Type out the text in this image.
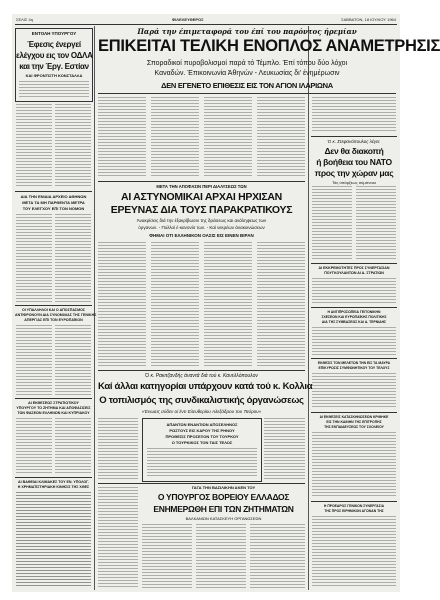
ΣΕΛΙΣ 4η	ΦΙΛΕΛΕΥΘΕΡΟΣ	ΣΑΒΒΑΤΟΝ, 18 ΙΟΥΛΙΟΥ 1964
ΕΝΤΟΛΗ ΥΠΟΥΡΓΟΥ
Έφεσις ένεργεί
ελέγχου εις τον ΟΔΛΑ
και την Έργ. Εστίαν
ΚΑΙ ΦΡΟΝΤΙΣΤΗ ΚΟΝΣΤΑΛΛΑ
ΔΙΑ ΤΗΝ ΕΝΙΑΙΑ ΑΡΧΕΙΟ ΑΘΗΝΩΝ
ΜΕΤΑ ΤΑ ΜΗ ΠΑΡΘΕΝΤΑ ΜΕΤΡΑ
ΤΟΥ ΕΛΕΓΧΟΥ ΕΠΙ ΤΟΝ ΝΟΜΟΝ
ΟΙ ΥΠΑΛΛΗΛΟΙ ΚΑΙ Ο ΑΠΟΣΠΑΣΜΟΣ
ΑΝΤΙΦΡΟΝΟΥΝ ΔΙΑ ΣΥΝΟΜΙΛΙΑΣ ΤΗΣ ΓΕΝΙΚΗΣ
ΑΠΕΡΓΙΑΣ ΕΠΙ ΤΟΝ ΕΥΡΩΠΑΪΚΟΝ
ΔΙ ΕΚΘΕΣΕΩΣ ΣΤΡΑΤΙΩΤΙΚΟΥ
ΥΠΟΥΡΓΟΥ ΤΟ ΖΗΤΗΜΑ ΚΑΙ ΑΠΟΦΑΣΙΣΕΙΣ
ΤΩΝ ΦΑΣΕΩΝ ΕΛΛΗΝΩΝ ΚΑΙ ΚΥΠΡΙΑΚΟΥ
ΑΙ ΒΑΘΕΙΑΙ ΚΛΙΜΑΚΕΣ ΤΟΥ ΕΝ. ΥΠΟΛΟΓ.
Η ΧΡΗΜΑΤΙΣΤΗΡΙΑΚΗ ΚΙΝΗΣΙΣ ΤΗΣ ΧΘΕΣ
Παρά την έπιμεταφορά του έπί του παρόντος ήρεμίαν
ΕΠΙΚΕΙΤΑΙ ΤΕΛΙΚΗ ΕΝΟΠΛΟΣ ΑΝΑΜΕΤΡΗΣΙΣ
Σποραδικοί πυροβολισμοί παρά τό Τέμπλο. Έπί τόπου δύο λόχοι
Καναδών. Έπικοινωνία Άθηνών - Λευκωσίας δι' ένημέρωσιν
ΔΕΝ ΕΓΕΝΕΤΟ ΕΠΙΘΕΣΙΣ ΕΙΣ ΤΟΝ ΑΓΙΟΝ ΙΛΑΡΙΩΝΑ
ΜΕΤΑ ΤΗΝ ΑΠΟΦΑΣΙΝ ΠΕΡΙ ΔΙΑΛΥΣΕΩΣ ΤΩΝ
ΑΙ ΑΣΤΥΝΟΜΙΚΑΙ ΑΡΧΑΙ ΗΡΧΙΣΑΝ
ΕΡΕΥΝΑΣ ΔΙΑ ΤΟΥΣ ΠΑΡΑΚΡΑΤΙΚΟΥΣ
Άνακρίσεις διά την έξακρίβωσιν της δράσεως και ανάληψεως των
όργανων. - Πολλοί έ-κανονίσ των. - Καί νεκρέων άνακοινώσεων
ΦΗΜΑΙ ΟΤΙ ΕΛΛΗΝΙΚΟΝ ΟΑΣΙΣ ΕΙΣ ΕΙΝΕΝ ΒΙΡΑΝ
Ό κ. Στεφανόπουλος λέγει:
Δεν θα διακοπή
ή βοήθεια του ΝΑΤΟ
προς την χώραν μας
Τάς ύπάρξεως σύμπνοια
ΑΙ ΕΚΚΡΕΜΟΤΗΤΕΣ ΠΡΟΣ ΣΥΝΕΡΓΑΣΙΑΝ
ΠΟΥΓΚΟΥΛΑΝΤΩΝ ΑΙ Δ. ΣΤΡΑΤΙΩΝ
Η ΑΝΤΙΠΡΟΣΩΠΕΙΑ ΓΕΙΤΟΝΙΚΗΝ
ΣΧΕΣΕΩΝ ΚΑΙ ΕΥΡΩΠΑΪΚΗΣ ΠΟΛΙΤΙΚΗΣ
ΔΙΑ ΤΗΣ ΣΥΜΒΑΣΕΩΣ ΚΑΙ Δ. ΤΕΡΝΙΔΗΣ
ΕΚΘΕΣΙΣ ΤΟΝ ΜΕΛΕΤΩΝ ΤΗΝ ΕΙΣ ΤΑ ΜΑΥΡΑ
ΕΠΙΚΥΡΩΣΙΣ ΣΥΜΦΩΝΗΤΙΚΟΥ ΤΟΥ ΤΕΛΟΥΣ
ΑΙ ΕΚΘΕΣΕΙΣ ΚΑΤΑΣΚΗΝΩΣΕΩΝ ΚΡΙΘΗΚΕ
ΕΙΣ ΤΗΝ ΚΑΙΝΗΝ ΤΗΣ ΕΠΙΤΡΟΠΗΣ
ΤΗΣ ΕΚΠΑΙΔΕΥΣΕΩΣ ΤΟΥ ΣΧΟΛΕΙΟΥ
Η ΠΡΟΕΔΡΟΣ ΓΕΝΙΚΟΝ ΣΥΝΕΡΓΑΣΙΑ
ΤΗΣ ΠΡΟΣ ΕΙΡΗΝΙΚΟΝ ΑΓΩΝΑΝ ΤΗΣ
Ό κ. Ρακιτζανδής άναντά διά τού κ. Κανελλόπουλον
Καί άλλαι κατηγορίαι υπάρχουν κατά τού κ. Κολλια
Ο τοπιλισμός της συνδικαλιστικής όργανώσεως
«Ένωσις σύδεν οί έντι Ελευθερίου Αλεξάδρου του Ταύρου»
ΑΠΑΝΤΩΝ ΕΝΑΝΤΙΩΝ ΑΠΟΣΕΛΗΝΟΣ
ΡΩΣΤΟΥΣ ΕΙΣ ΚΑΡΟΥ ΤΗΣ ΡΗΝΟΥ
ΠΡΟΘΕΣΙΣ ΠΡΟΣΕΞΟΝ ΤΟΥ ΤΟΥΡΚΟΥ
Ο ΤΟΥΡΚΙΚΟΣ ΤΟΝ ΤΑΙΣ ΤΕΛΟΣ
ΓΑΓΑ ΤΗΝ ΒΑΣΙΛΙΚΗΝ ΑΚΕΝ ΤΟΥ
Ο ΥΠΟΥΡΓΟΣ ΒΟΡΕΙΟΥ ΕΛΛΑΔΟΣ
ΕΝΗΜΕΡΩΘΗ ΕΠΙ ΤΩΝ ΖΗΤΗΜΑΤΩΝ
ΒΑΛΚΑΝΙΩΝ ΚΑΤΑΣΚΕΥΗ ΟΡΓΑΝΩΣΕΩΝ
